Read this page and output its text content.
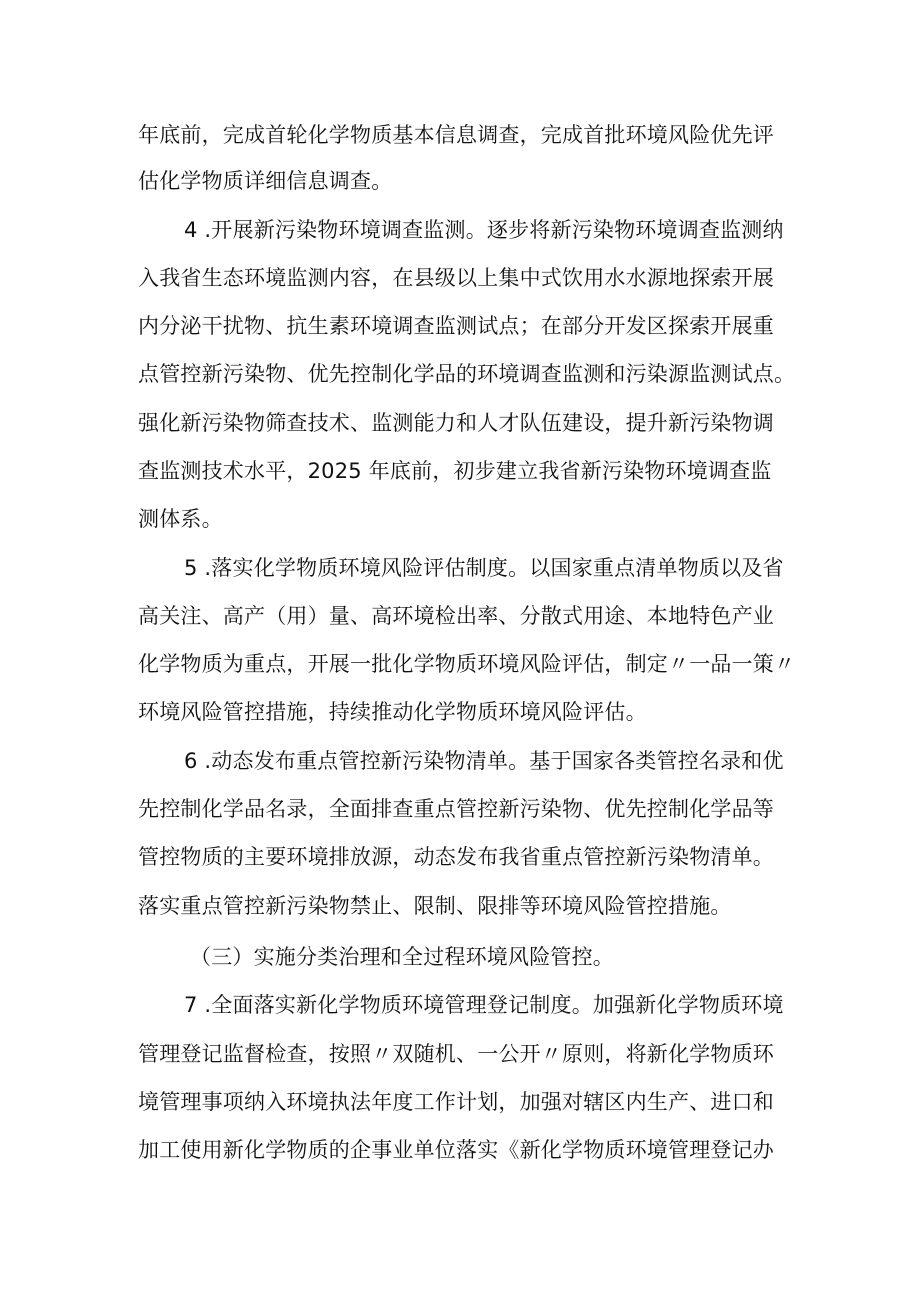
年底前，完成首轮化学物质基本信息调查，完成首批环境风险优先评
估化学物质详细信息调查。
4 .开展新污染物环境调查监测。逐步将新污染物环境调查监测纳
入我省生态环境监测内容，在县级以上集中式饮用水水源地探索开展
内分泌干扰物、抗生素环境调查监测试点；在部分开发区探索开展重
点管控新污染物、优先控制化学品的环境调查监测和污染源监测试点。
强化新污染物筛查技术、监测能力和人才队伍建设，提升新污染物调
查监测技术水平，2025 年底前，初步建立我省新污染物环境调查监
测体系。
5 .落实化学物质环境风险评估制度。以国家重点清单物质以及省
高关注、高产（用）量、高环境检出率、分散式用途、本地特色产业
化学物质为重点，开展一批化学物质环境风险评估，制定〃一品一策〃
环境风险管控措施，持续推动化学物质环境风险评估。
6 .动态发布重点管控新污染物清单。基于国家各类管控名录和优
先控制化学品名录，全面排查重点管控新污染物、优先控制化学品等
管控物质的主要环境排放源，动态发布我省重点管控新污染物清单。
落实重点管控新污染物禁止、限制、限排等环境风险管控措施。
（三）实施分类治理和全过程环境风险管控。
7 .全面落实新化学物质环境管理登记制度。加强新化学物质环境
管理登记监督检查，按照〃双随机、一公开〃原则，将新化学物质环
境管理事项纳入环境执法年度工作计划，加强对辖区内生产、进口和
加工使用新化学物质的企事业单位落实《新化学物质环境管理登记办
